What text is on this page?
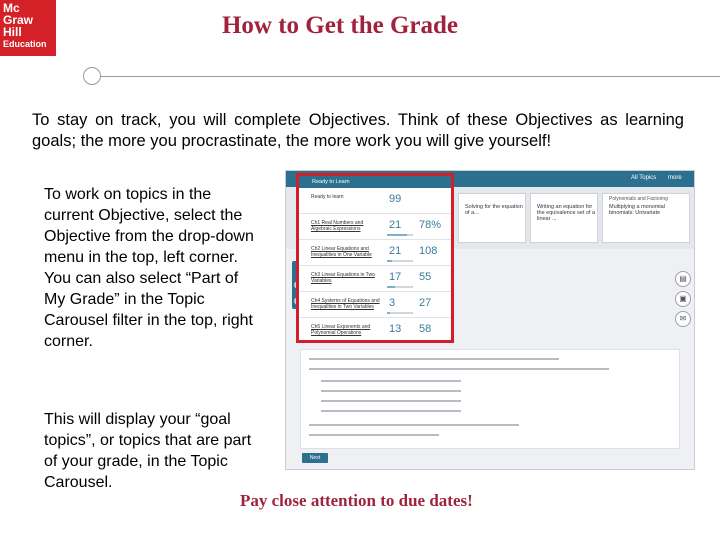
Mc
Graw
Hill
Education
How to Get the Grade

To stay on track, you will complete Objectives. Think of these Objectives as learning goals; the more you procrastinate, the more work you will give yourself!

To work on topics in the current Objective, select the Objective from the drop-down menu in the top, left corner. You can also select “Part of My Grade” in the Topic Carousel filter in the top, right corner.

This will display your “goal topics”, or topics that are part of your grade, in the Topic Carousel.

Pay close attention to due dates!
All Topics more
Solving for the equation of a...
Writing an equation for the equivalence set of a linear ...
Polynomials and Factoring
Multiplying a monomial binomials: Univariate
▤
▣
✉
Next
Ready to Learn
Ready to learn	99
Ch1 Real Numbers and Algebraic Expressions	21 78%
Ch2 Linear Equations and Inequalities in One Variable	21 108
Ch3 Linear Equations in Two Variables	17 55
Ch4 Systems of Equations and Inequalities in Two Variables	3 27
Ch5 Linear Exponents and Polynomial Operations	13 58
